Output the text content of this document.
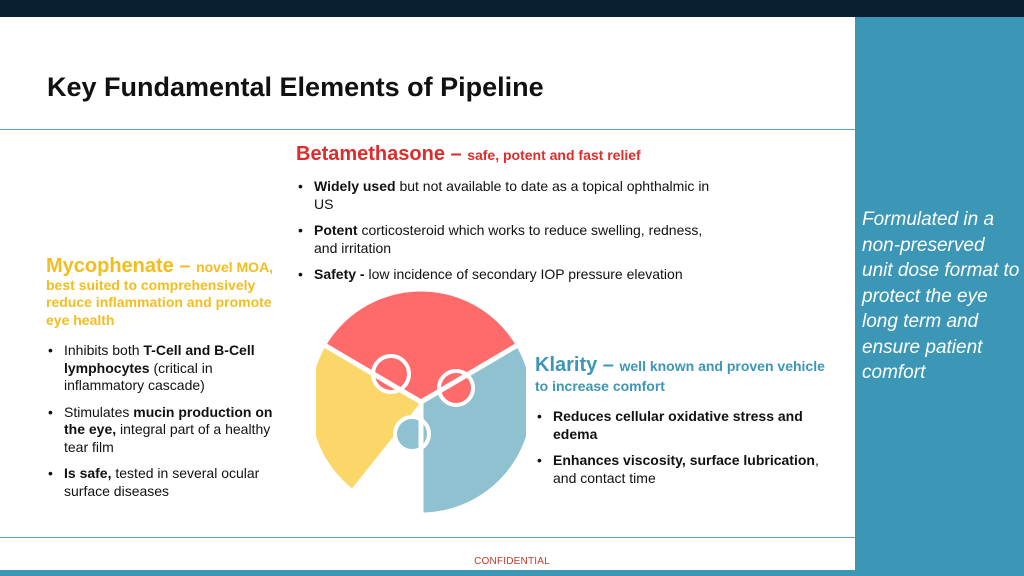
Formulated in a non-preserved unit dose format to protect the eye long term and ensure patient comfort
Key Fundamental Elements of Pipeline
Betamethasone – safe, potent and fast relief
• Widely used but not available to date as a topical ophthalmic in US
• Potent corticosteroid which works to reduce swelling, redness, and irritation
• Safety - low incidence of secondary IOP pressure elevation
Mycophenate – novel MOA, best suited to comprehensively reduce inflammation and promote eye health
• Inhibits both T-Cell and B-Cell lymphocytes (critical in inflammatory cascade)
• Stimulates mucin production on the eye, integral part of a healthy tear film
• Is safe, tested in several ocular surface diseases
Klarity – well known and proven vehicle to increase comfort
• Reduces cellular oxidative stress and edema
• Enhances viscosity, surface lubrication, and contact time
CONFIDENTIAL
